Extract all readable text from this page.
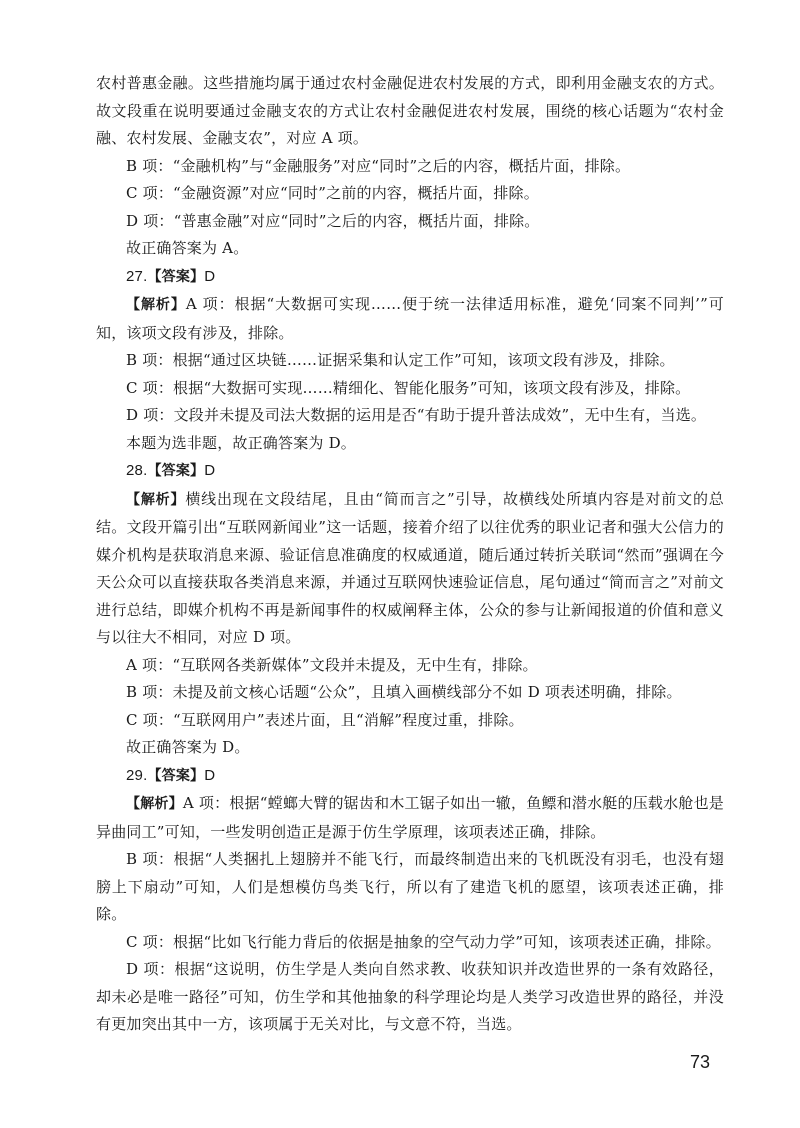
农村普惠金融。这些措施均属于通过农村金融促进农村发展的方式，即利用金融支农的方式。故文段重在说明要通过金融支农的方式让农村金融促进农村发展，围绕的核心话题为“农村金融、农村发展、金融支农”，对应 A 项。

B 项：“金融机构”与“金融服务”对应“同时”之后的内容，概括片面，排除。

C 项：“金融资源”对应“同时”之前的内容，概括片面，排除。

D 项：“普惠金融”对应“同时”之后的内容，概括片面，排除。

故正确答案为 A。

27.【答案】D

【解析】A 项：根据“大数据可实现……便于统一法律适用标准，避免‘同案不同判’”可知，该项文段有涉及，排除。

B 项：根据“通过区块链……证据采集和认定工作”可知，该项文段有涉及，排除。

C 项：根据“大数据可实现……精细化、智能化服务”可知，该项文段有涉及，排除。

D 项：文段并未提及司法大数据的运用是否“有助于提升普法成效”，无中生有，当选。

本题为选非题，故正确答案为 D。

28.【答案】D

【解析】横线出现在文段结尾，且由“简而言之”引导，故横线处所填内容是对前文的总结。文段开篇引出“互联网新闻业”这一话题，接着介绍了以往优秀的职业记者和强大公信力的媒介机构是获取消息来源、验证信息准确度的权威通道，随后通过转折关联词“然而”强调在今天公众可以直接获取各类消息来源，并通过互联网快速验证信息，尾句通过“简而言之”对前文进行总结，即媒介机构不再是新闻事件的权威阐释主体，公众的参与让新闻报道的价值和意义与以往大不相同，对应 D 项。

A 项：“互联网各类新媒体”文段并未提及，无中生有，排除。

B 项：未提及前文核心话题“公众”，且填入画横线部分不如 D 项表述明确，排除。

C 项：“互联网用户”表述片面，且“消解”程度过重，排除。

故正确答案为 D。

29.【答案】D

【解析】A 项：根据“螳螂大臂的锯齿和木工锯子如出一辙，鱼鳔和潜水艇的压载水舱也是异曲同工”可知，一些发明创造正是源于仿生学原理，该项表述正确，排除。

B 项：根据“人类捆扎上翅膀并不能飞行，而最终制造出来的飞机既没有羽毛，也没有翅膀上下扇动”可知，人们是想模仿鸟类飞行，所以有了建造飞机的愿望，该项表述正确，排除。

C 项：根据“比如飞行能力背后的依据是抽象的空气动力学”可知，该项表述正确，排除。

D 项：根据“这说明，仿生学是人类向自然求教、收获知识并改造世界的一条有效路径，却未必是唯一路径”可知，仿生学和其他抽象的科学理论均是人类学习改造世界的路径，并没有更加突出其中一方，该项属于无关对比，与文意不符，当选。

73
